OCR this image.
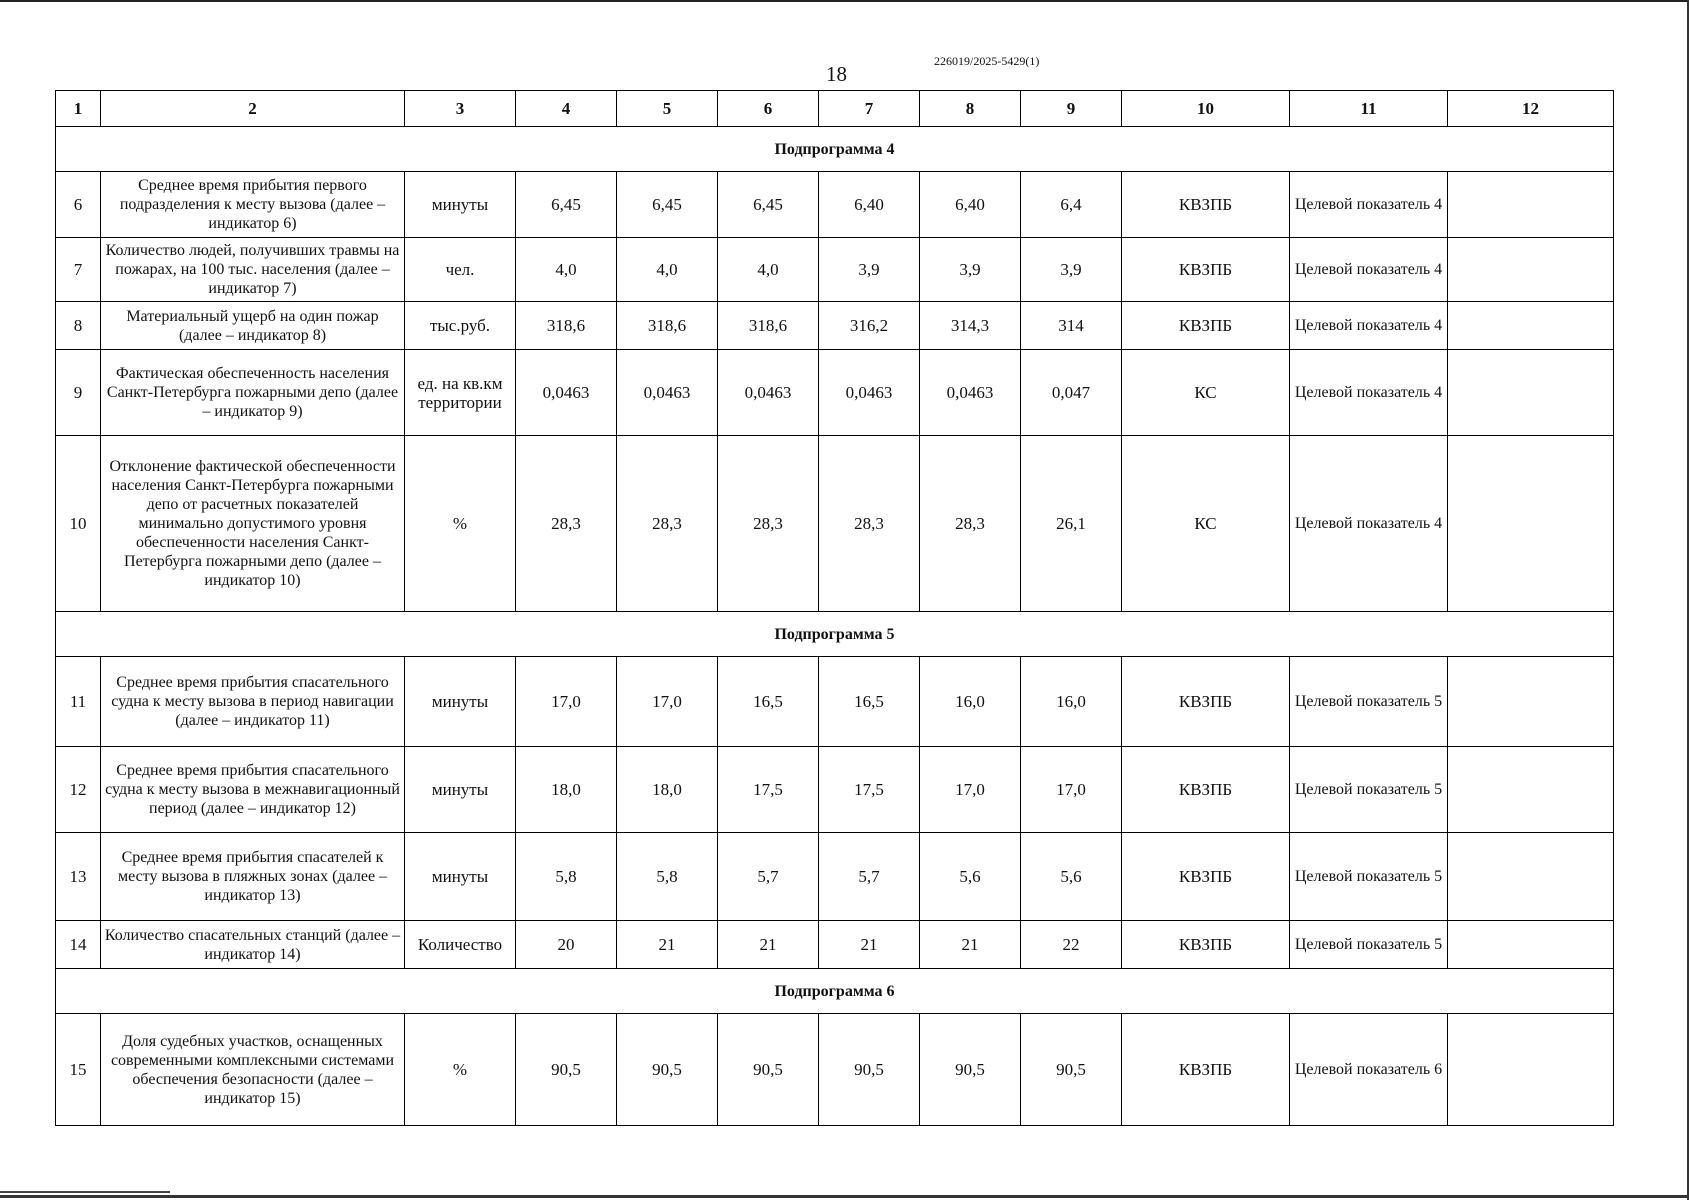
18
226019/2025-5429(1)
1	2	3	4	5	6	7	8	9	10	11	12
Подпрограмма 4											
6	Среднее время прибытия первого подразделения к месту вызова (далее – индикатор 6)	минуты	6,45	6,45	6,45	6,40	6,40	6,4	КВЗПБ	Целевой показатель 4	
7	Количество людей, получивших травмы на пожарах, на 100 тыс. населения (далее – индикатор 7)	чел.	4,0	4,0	4,0	3,9	3,9	3,9	КВЗПБ	Целевой показатель 4	
8	Материальный ущерб на один пожар (далее – индикатор 8)	тыс.руб.	318,6	318,6	318,6	316,2	314,3	314	КВЗПБ	Целевой показатель 4	
9	Фактическая обеспеченность населения Санкт-Петербурга пожарными депо (далее – индикатор 9)	ед. на кв.км территории	0,0463	0,0463	0,0463	0,0463	0,0463	0,047	КС	Целевой показатель 4	
10	Отклонение фактической обеспеченности населения Санкт-Петербурга пожарными депо от расчетных показателей минимально допустимого уровня обеспеченности населения Санкт-Петербурга пожарными депо (далее – индикатор 10)	%	28,3	28,3	28,3	28,3	28,3	26,1	КС	Целевой показатель 4	
Подпрограмма 5											
11	Среднее время прибытия спасательного судна к месту вызова в период навигации (далее – индикатор 11)	минуты	17,0	17,0	16,5	16,5	16,0	16,0	КВЗПБ	Целевой показатель 5	
12	Среднее время прибытия спасательного судна к месту вызова в межнавигационный период (далее – индикатор 12)	минуты	18,0	18,0	17,5	17,5	17,0	17,0	КВЗПБ	Целевой показатель 5	
13	Среднее время прибытия спасателей к месту вызова в пляжных зонах (далее – индикатор 13)	минуты	5,8	5,8	5,7	5,7	5,6	5,6	КВЗПБ	Целевой показатель 5	
14	Количество спасательных станций (далее – индикатор 14)	Количество	20	21	21	21	21	22	КВЗПБ	Целевой показатель 5	
Подпрограмма 6											
15	Доля судебных участков, оснащенных современными комплексными системами обеспечения безопасности (далее – индикатор 15)	%	90,5	90,5	90,5	90,5	90,5	90,5	КВЗПБ	Целевой показатель 6	
